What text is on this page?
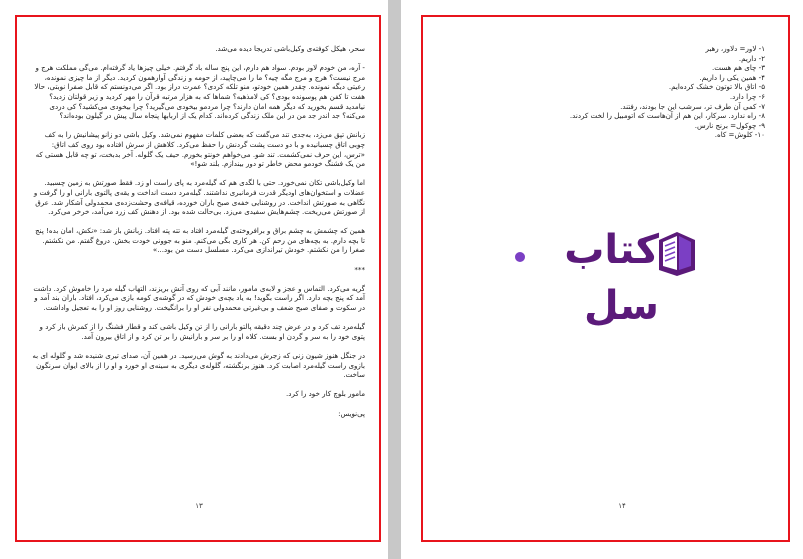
سحر، هیکل کوفته‌ی وکیل‌باشی تدریجا دیده می‌شد.

- آره، من خودم لاور بودم. سواد هم دارم، این پنج ساله باد گرفتم. خیلی چیزها یاد گرفته‌ام. می‌گی مملکت هرج و مرج نیست؟ هرج و مرج مگه چیه؟ ما را می‌چاپید، از حومه و زندگی آوارهمون کردید. دیگر از ما چیزی نمونده، رعیتی دیگه نمونده. چقدر همین خودتو، منو تلکه کردی؟ عمرت دراز بود. اگر می‌دونستم که قابل صفرا نوبتی، حالا هفت تا کفن هم پوسونده بودی؟ کی لامذهبه؟ شماها که به هزار مرتبه قرآن را مهر کردید و زیر قولتان زدید؟ نیامدید قسم بخورید که دیگر همه امان دارند؟ چرا مردمو بیخودی می‌گیرید؟ چرا بیخودی می‌کشید؟ کی دردی می‌کنه؟ جد اندر جد من در این ملک زندگی کرده‌اند. کدام یک از اربابها پنجاه سال پیش در گیلون بوده‌اند؟

زبانش تپق می‌زد، به‌جدی تند می‌گفت که بعضی کلمات مفهوم نمی‌شد. وکیل باشی دو زانو پیشانیش را به کف چوبی اتاق چسبانیده و با دو دست پشت گردنش را حفظ می‌کرد. کلاهش از سرش افتاده بود روی کف اتاق: «ترس، این حرف نمی‌کشمت. تند شو. می‌خواهم خونتو بخورم. حیف یک گلوله. آخر بدبخت، تو چه قابل هستی که من یک فشنگ خودمو محض خاطر تو دور بیندازم. بلند شو!»

اما وکیل‌باشی تکان نمی‌خورد. حتی با لگدی هم که گیله‌مرد به پای راست او زد. فقط صورتش به زمین چسبید. عضلات و استخوان‌های اودیگر قدرت فرمانبری نداشتند. گیله‌مرد دست انداخت و یقه‌ی پالتوی بارانی او را گرفت و نگاهی به صورتش انداخت. در روشنایی خفه‌ی صبح باران خورده، قیافه‌ی وحشت‌زده‌ی محمدولی آشکار شد. عرق از صورتش می‌ریخت. چشم‌هایش سفیدی می‌زد. بی‌حالت شده بود. از دهنش کف زرد می‌آمد، خرخر می‌کرد.

همین که چشمش به چشم براق و برافروخته‌ی گیله‌مرد افتاد به تته پته افتاد. زبانش باز شد: «نکش، امان بده! پنج تا بچه دارم. به بچه‌های من رحم کن. هر کاری بگی می‌کنم. منو به جوونی خودت بخش. دروغ گفتم. من نکشتم. صغرا را من نکشتم. خودش تیراندازی می‌کرد. مسلسل دست من بود...»

***

گریه می‌کرد. التماس و عجز و لابه‌ی مامور، مانند آبی که روی آتش بریزند، التهاب گیله مرد را خاموش کرد. داشت آمد که پنج بچه دارد. اگر راست بگوید! به یاد بچه‌ی خودش که در گوشه‌ی کومه بازی می‌کرد، افتاد. باران بند آمد و در سکوت و صفای صبح ضعف و بی‌غیرتی محمدولی نفر او را برانگیخت. روشنایی روز او را به تعجیل واداشت.

گیله‌مرد تف کرد و در عرض چند دقیقه پالتو بارانی را از تن وکیل باشی کند و قطار فشنگ را از کمرش باز کرد و پتوی خود را به سر و گردن او بست. کلاه او را بر سر و بارانیش را بر تن کرد و از اتاق بیرون آمد.

در جنگل هنوز شیون زنی که زجرش می‌دادند به گوش می‌رسید. در همین آن، صدای تیری شنیده شد و گلوله ای به بازوی راست گیله‌مرد اصابت کرد. هنوز برنگشته، گلوله‌ی دیگری به سینه‌ی او خورد و او را از بالای ایوان سرنگون ساخت.

مامور بلوچ کار خود را کرد.

پی‌نویس:

۱۳
۱- لاور= دلاور، رهبر
۲- داریم.
۳- چای هم هست.
۴- همین یکی را داریم.
۵- اتاق بالا توتون خشک کرده‌ایم.
۶- چرا دارد.
۷- کمی آن طرف تر، سرشب این جا بودند، رفتند.
۸- راه ندارد. سرکار، این هم از آن‌هاست که اتومبیل را لخت کردند.
۹- چوکول= برنج نارس.
۱۰- کلوش= کاه.
کتاب سل
۱۴
